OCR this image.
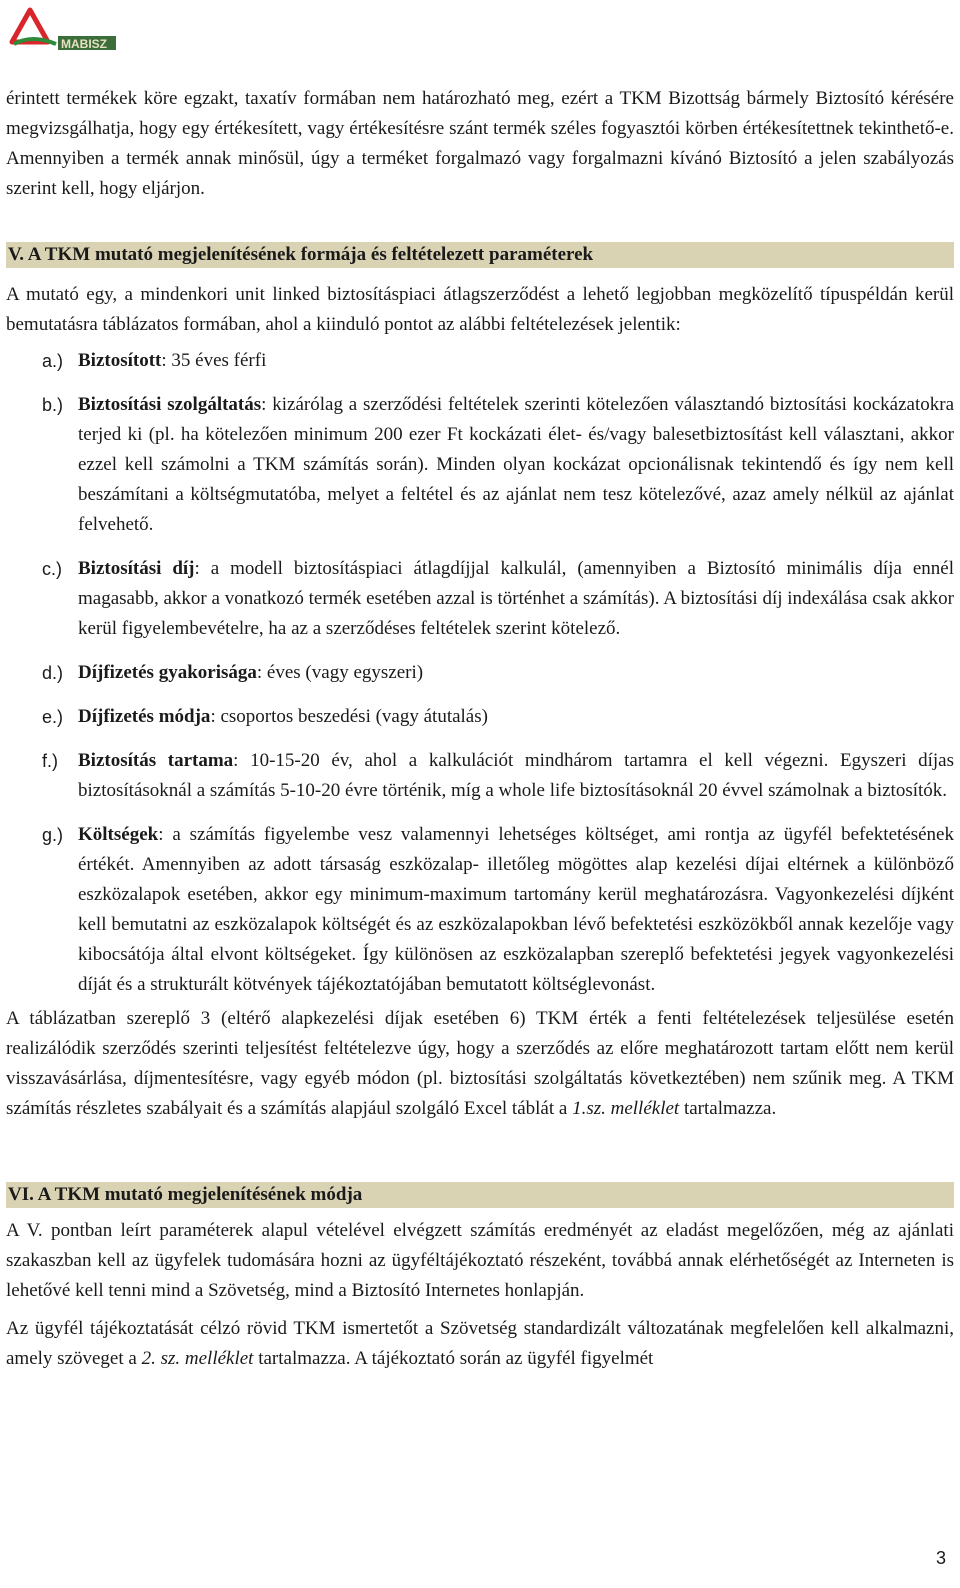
MABISZ

érintett termékek köre egzakt, taxatív formában nem határozható meg, ezért a TKM Bizottság bármely Biztosító kérésére megvizsgálhatja, hogy egy értékesített, vagy értékesítésre szánt termék széles fogyasztói körben értékesítettnek tekinthető-e. Amennyiben a termék annak minősül, úgy a terméket forgalmazó vagy forgalmazni kívánó Biztosító a jelen szabályozás szerint kell, hogy eljárjon.

V. A TKM mutató megjelenítésének formája és feltételezett paraméterek

A mutató egy, a mindenkori unit linked biztosításpiaci átlagszerződést a lehető legjobban megközelítő típuspéldán kerül bemutatásra táblázatos formában, ahol a kiinduló pontot az alábbi feltételezések jelentik:

a.) Biztosított: 35 éves férfi

b.) Biztosítási szolgáltatás: kizárólag a szerződési feltételek szerinti kötelezően választandó biztosítási kockázatokra terjed ki (pl. ha kötelezően minimum 200 ezer Ft kockázati élet- és/vagy balesetbiztosítást kell választani, akkor ezzel kell számolni a TKM számítás során). Minden olyan kockázat opcionálisnak tekintendő és így nem kell beszámítani a költségmutatóba, melyet a feltétel és az ajánlat nem tesz kötelezővé, azaz amely nélkül az ajánlat felvehető.

c.) Biztosítási díj: a modell biztosításpiaci átlagdíjjal kalkulál, (amennyiben a Biztosító minimális díja ennél magasabb, akkor a vonatkozó termék esetében azzal is történhet a számítás). A biztosítási díj indexálása csak akkor kerül figyelembevételre, ha az a szerződéses feltételek szerint kötelező.

d.) Díjfizetés gyakorisága: éves (vagy egyszeri)

e.) Díjfizetés módja: csoportos beszedési (vagy átutalás)

f.) Biztosítás tartama: 10-15-20 év, ahol a kalkulációt mindhárom tartamra el kell végezni. Egyszeri díjas biztosításoknál a számítás 5-10-20 évre történik, míg a whole life biztosításoknál 20 évvel számolnak a biztosítók.

g.) Költségek: a számítás figyelembe vesz valamennyi lehetséges költséget, ami rontja az ügyfél befektetésének értékét. Amennyiben az adott társaság eszközalap- illetőleg mögöttes alap kezelési díjai eltérnek a különböző eszközalapok esetében, akkor egy minimum-maximum tartomány kerül meghatározásra. Vagyonkezelési díjként kell bemutatni az eszközalapok költségét és az eszközalapokban lévő befektetési eszközökből annak kezelője vagy kibocsátója által elvont költségeket. Így különösen az eszközalapban szereplő befektetési jegyek vagyonkezelési díját és a strukturált kötvények tájékoztatójában bemutatott költséglevonást.

A táblázatban szereplő 3 (eltérő alapkezelési díjak esetében 6) TKM érték a fenti feltételezések teljesülése esetén realizálódik szerződés szerinti teljesítést feltételezve úgy, hogy a szerződés az előre meghatározott tartam előtt nem kerül visszavásárlása, díjmentesítésre, vagy egyéb módon (pl. biztosítási szolgáltatás következtében) nem szűnik meg. A TKM számítás részletes szabályait és a számítás alapjául szolgáló Excel táblát a 1.sz. melléklet tartalmazza.

VI. A TKM mutató megjelenítésének módja

A V. pontban leírt paraméterek alapul vételével elvégzett számítás eredményét az eladást megelőzően, még az ajánlati szakaszban kell az ügyfelek tudomására hozni az ügyféltájékoztató részeként, továbbá annak elérhetőségét az Interneten is lehetővé kell tenni mind a Szövetség, mind a Biztosító Internetes honlapján.

Az ügyfél tájékoztatását célzó rövid TKM ismertetőt a Szövetség standardizált változatának megfelelően kell alkalmazni, amely szöveget a 2. sz. melléklet tartalmazza. A tájékoztató során az ügyfél figyelmét

3
